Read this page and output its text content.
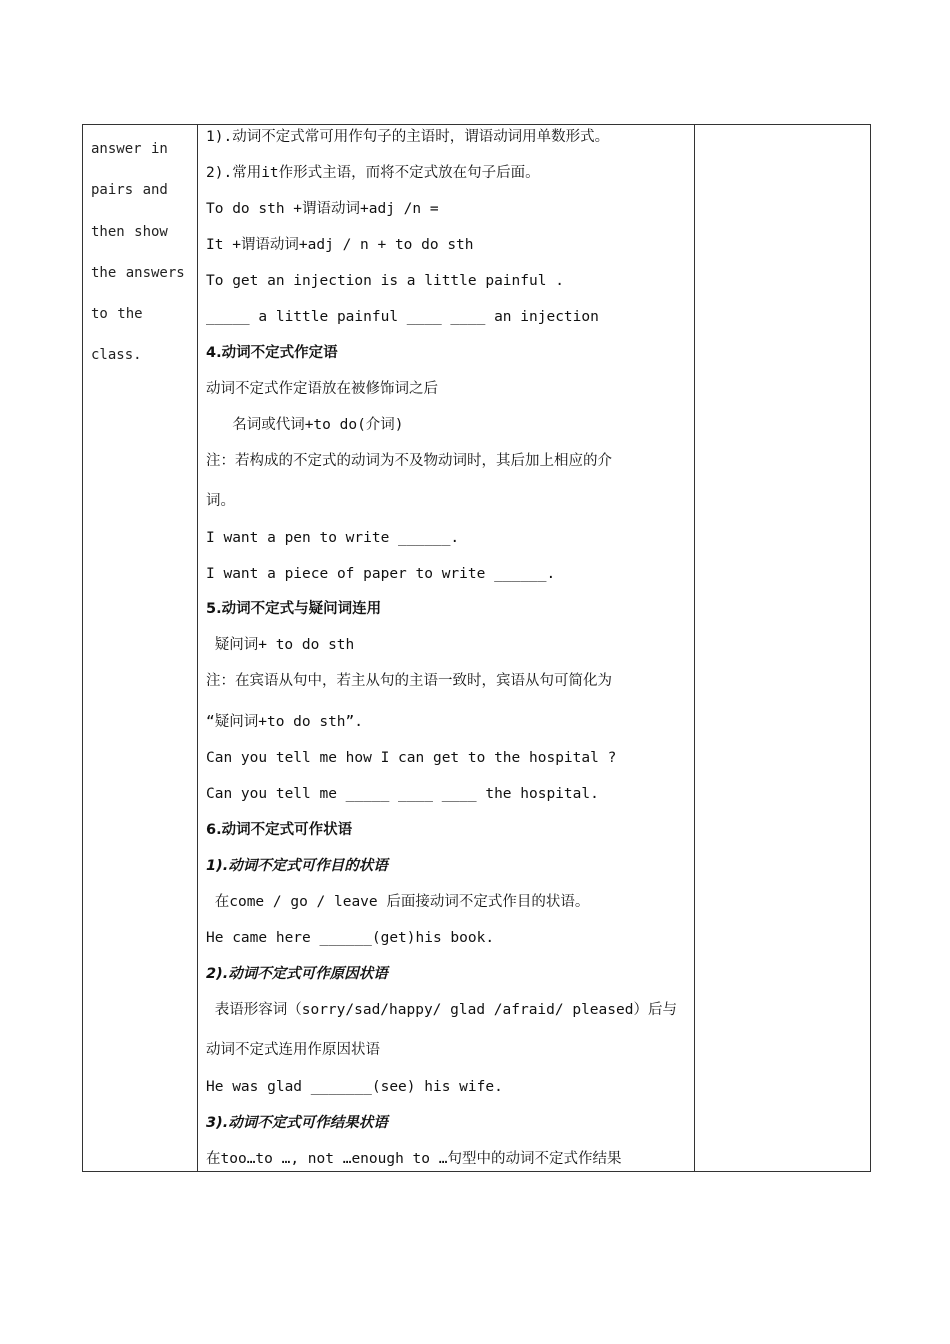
answer in
pairs and
then show
the answers
to the
class.

1).动词不定式常可用作句子的主语时，谓语动词用单数形式。
2).常用it作形式主语，而将不定式放在句子后面。
To do sth +谓语动词+adj /n =
It +谓语动词+adj / n + to do sth
To get an injection is a little painful .
_____ a little painful ____ ____ an injection
4.动词不定式作定语
动词不定式作定语放在被修饰词之后
名词或代词+to do(介词)
注：若构成的不定式的动词为不及物动词时，其后加上相应的介
词。
I want a pen to write ______.
I want a piece of paper to write ______.
5.动词不定式与疑问词连用
疑问词+ to do sth
注：在宾语从句中，若主从句的主语一致时，宾语从句可简化为
“疑问词+to do sth”.
Can you tell me how I can get to the hospital ?
Can you tell me _____ ____ ____ the hospital.
6.动词不定式可作状语
1).动词不定式可作目的状语
在come / go / leave 后面接动词不定式作目的状语。
He came here ______(get)his book.
2).动词不定式可作原因状语
表语形容词（sorry/sad/happy/ glad /afraid/ pleased）后与
动词不定式连用作原因状语
He was glad _______(see) his wife.
3).动词不定式可作结果状语
在too…to …, not …enough to …句型中的动词不定式作结果
